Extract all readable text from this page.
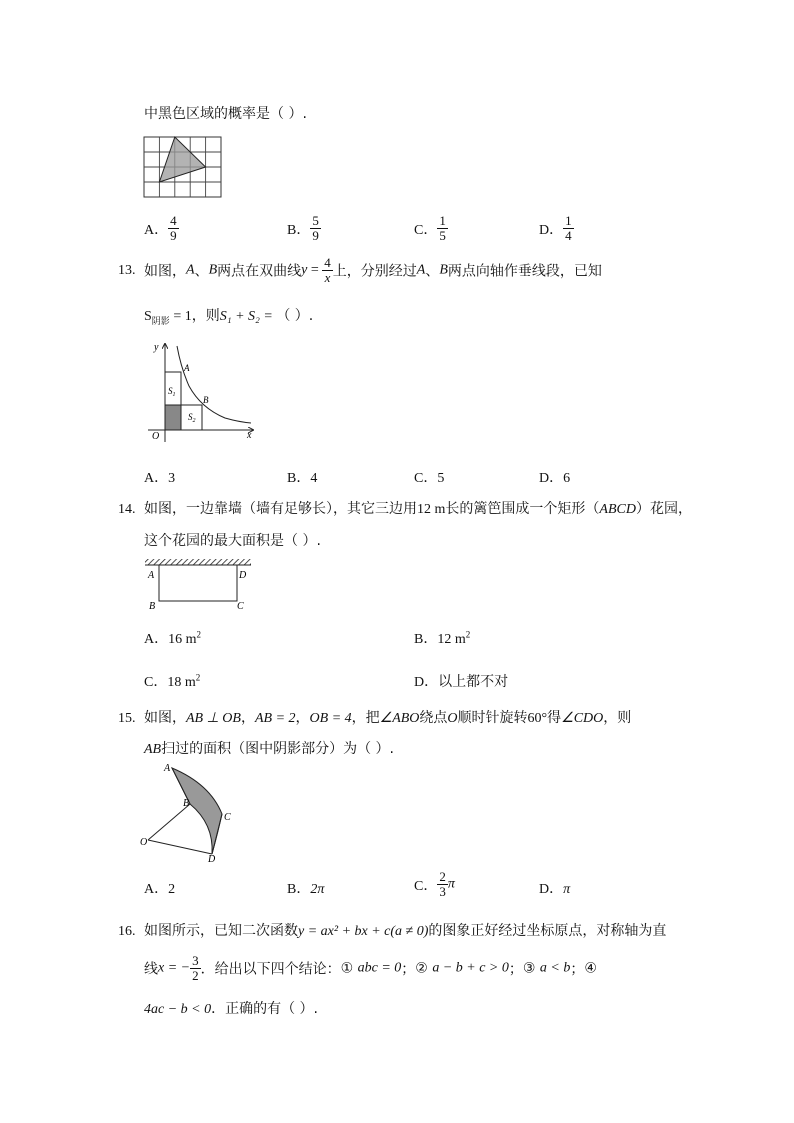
中黑色区域的概率是（ ）.
A． $\frac{4}{9}$	B． $\frac{5}{9}$	C． $\frac{1}{5}$	D． $\frac{1}{4}$
13. 如图，A、B两点在双曲线$y = \frac{4}{x}$ 上，分别经过A、B两点向轴作垂线段，已知
$S_{阴影} = 1$，则S₁ + S₂ = （ ）.
y
x
O
A
B
$S_1$
$S_2$
A．3	B．4	C．5	D．6
14. 如图，一边靠墙（墙有足够长），其它三边用12 m长的篱笆围成一个矩形（ABCD）花园，
这个花园的最大面积是（ ）.
A	D
B	C
A．16 $m^2$	B．12 $m^2$
C．18 $m^2$	D．以上都不对
15. 如图，AB ⊥ OB，AB = 2，OB = 4，把∠ABO绕点O顺时针旋转60°得∠CDO，则
AB扫过的面积（图中阴影部分）为（ ）.
A
B
C
O
D
A．2	B．2π	C． $\frac{2}{3}$ π	D．π
16. 如图所示，已知二次函数y = ax² + bx + c(a ≠ 0)的图象正好经过坐标原点，对称轴为直
线x = − $\frac{3}{2}$ ．给出以下四个结论：① abc = 0；② a − b + c > 0；③ a < b；④
4ac − b < 0．正确的有（ ）.
